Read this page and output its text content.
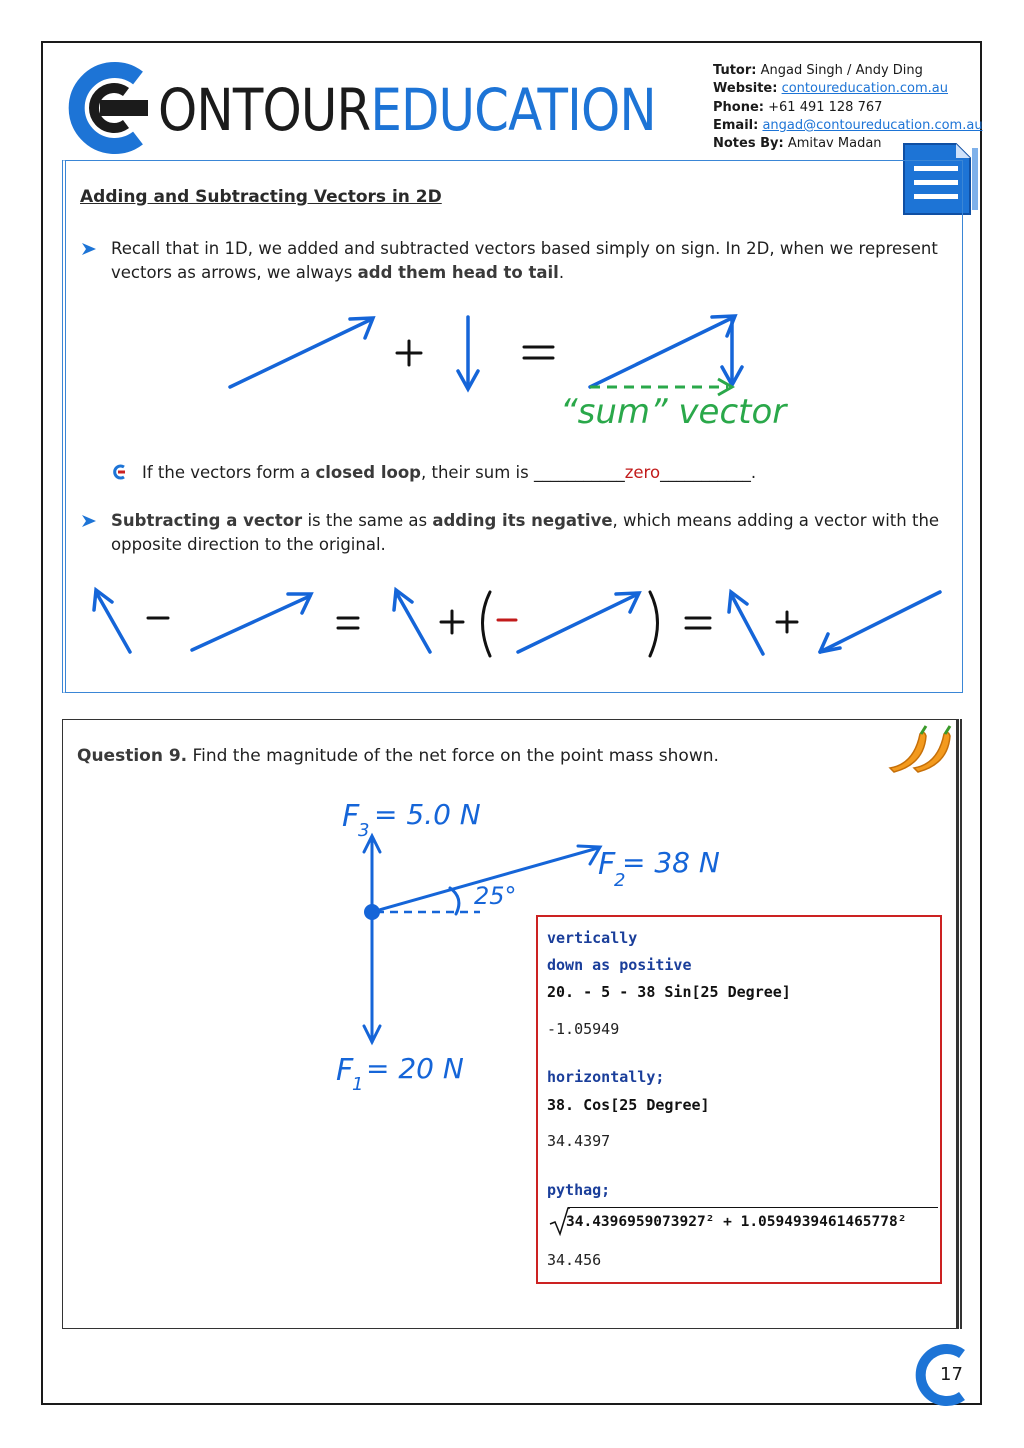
ONTOUREDUCATION
Tutor: Angad Singh / Andy Ding
Website: contoureducation.com.au
Phone: +61 491 128 767
Email: angad@contoureducation.com.au
Notes By: Amitav Madan
Adding and Subtracting Vectors in 2D
Recall that in 1D, we added and subtracted vectors based simply on sign. In 2D, when we represent
vectors as arrows, we always add them head to tail.
“sum” vector
If the vectors form a closed loop, their sum is ___________zero___________.
Subtracting a vector is the same as adding its negative, which means adding a vector with the
opposite direction to the original.
Question 9. Find the magnitude of the net force on the point mass shown.
F
3 = 5.0 N
F
2
= 38 N
F
1 = 20 N
25°
vertically
down as positive
20. - 5 - 38 Sin[25 Degree]
-1.05949
horizontally;
38. Cos[25 Degree]
34.4397
pythag;
34.4396959073927² + 1.0594939461465778²
34.456
17
